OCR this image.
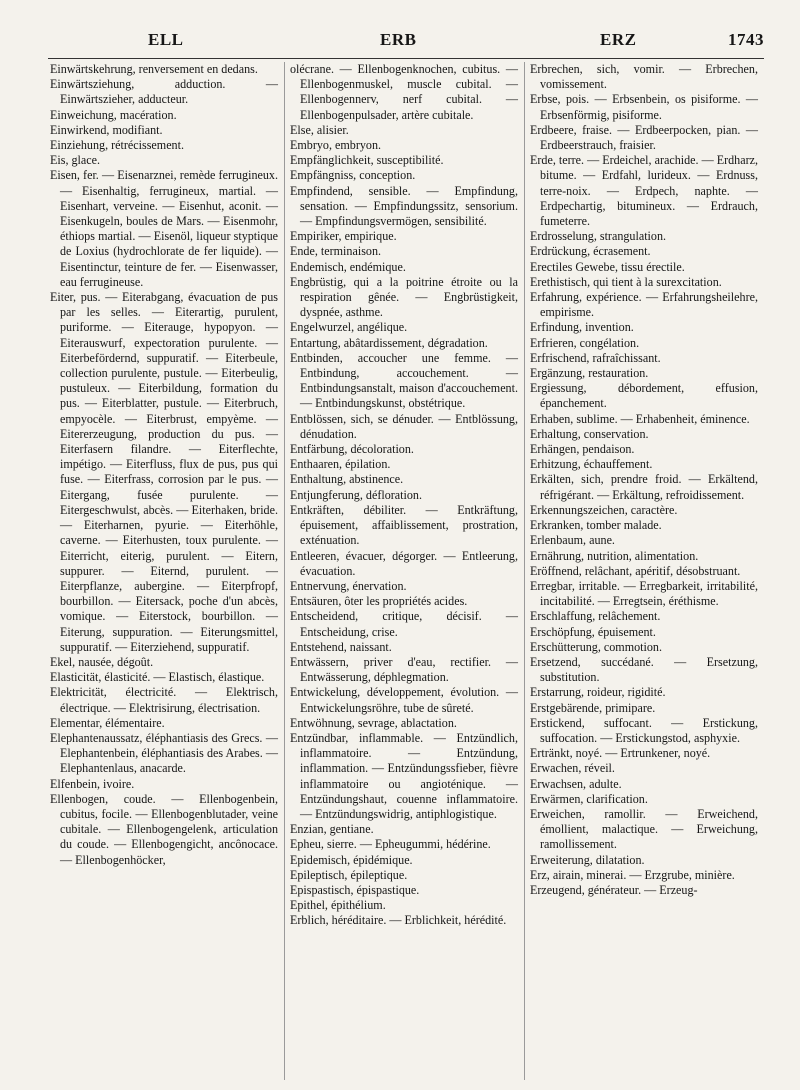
ELL	ERB	ERZ	1743

Einwärtskehrung, renversement en dedans.

Einwärtsziehung, adduction. — Einwärtszieher, adducteur.

Einweichung, macération.

Einwirkend, modifiant.

Einziehung, rétrécissement.

Eis, glace.

Eisen, fer. — Eisenarznei, remède ferrugineux. — Eisenhaltig, ferrugineux, martial. — Eisenhart, verveine. — Eisenhut, aconit. — Eisenkugeln, boules de Mars. — Eisenmohr, éthiops martial. — Eisenöl, liqueur styptique de Loxius (hydrochlorate de fer liquide). — Eisentinctur, teinture de fer. — Eisenwasser, eau ferrugineuse.

Eiter, pus. — Eiterabgang, évacuation de pus par les selles. — Eiterartig, purulent, puriforme. — Eiterauge, hypopyon. — Eiterauswurf, expectoration purulente. — Eiterbefördernd, suppuratif. — Eiterbeule, collection purulente, pustule. — Eiterbeulig, pustuleux. — Eiterbildung, formation du pus. — Eiterblatter, pustule. — Eiterbruch, empyocèle. — Eiterbrust, empyème. — Eitererzeugung, production du pus. — Eiterfasern filandre. — Eiterflechte, impétigo. — Eiterfluss, flux de pus, pus qui fuse. — Eiterfrass, corrosion par le pus. — Eitergang, fusée purulente. — Eitergeschwulst, abcès. — Eiterhaken, bride. — Eiterharnen, pyurie. — Eiterhöhle, caverne. — Eiterhusten, toux purulente. — Eiterricht, eiterig, purulent. — Eitern, suppurer. — Eiternd, purulent. — Eiterpflanze, aubergine. — Eiterpfropf, bourbillon. — Eitersack, poche d'un abcès, vomique. — Eiterstock, bourbillon. — Eiterung, suppuration. — Eiterungsmittel, suppuratif. — Eiterziehend, suppuratif.

Ekel, nausée, dégoût.

Elasticität, élasticité. — Elastisch, élastique.

Elektricität, électricité. — Elektrisch, électrique. — Elektrisirung, électrisation.

Elementar, élémentaire.

Elephantenaussatz, éléphantiasis des Grecs. — Elephantenbein, éléphantiasis des Arabes. — Elephantenlaus, anacarde.

Elfenbein, ivoire.

Ellenbogen, coude. — Ellenbogenbein, cubitus, focile. — Ellenbogenblutader, veine cubitale. — Ellenbogengelenk, articulation du coude. — Ellenbogengicht, ancônocace. — Ellenbogenhöcker,

olécrane. — Ellenbogenknochen, cubitus. — Ellenbogenmuskel, muscle cubital. — Ellenbogennerv, nerf cubital. — Ellenbogenpulsader, artère cubitale.

Else, alisier.

Embryo, embryon.

Empfänglichkeit, susceptibilité.

Empfängniss, conception.

Empfindend, sensible. — Empfindung, sensation. — Empfindungssitz, sensorium. — Empfindungsvermögen, sensibilité.

Empiriker, empirique.

Ende, terminaison.

Endemisch, endémique.

Engbrüstig, qui a la poitrine étroite ou la respiration gênée. — Engbrüstigkeit, dyspnée, asthme.

Engelwurzel, angélique.

Entartung, abâtardissement, dégradation.

Entbinden, accoucher une femme. — Entbindung, accouchement. — Entbindungsanstalt, maison d'accouchement. — Entbindungskunst, obstétrique.

Entblössen, sich, se dénuder. — Entblössung, dénudation.

Entfärbung, décoloration.

Enthaaren, épilation.

Enthaltung, abstinence.

Entjungferung, défloration.

Entkräften, débiliter. — Entkräftung, épuisement, affaiblissement, prostration, exténuation.

Entleeren, évacuer, dégorger. — Entleerung, évacuation.

Entnervung, énervation.

Entsäuren, ôter les propriétés acides.

Entscheidend, critique, décisif. — Entscheidung, crise.

Entstehend, naissant.

Entwässern, priver d'eau, rectifier. — Entwässerung, déphlegmation.

Entwickelung, développement, évolution. — Entwickelungsröhre, tube de sûreté.

Entwöhnung, sevrage, ablactation.

Entzündbar, inflammable. — Entzündlich, inflammatoire. — Entzündung, inflammation. — Entzündungssfieber, fièvre inflammatoire ou angioténique. — Entzündungshaut, couenne inflammatoire. — Entzündungswidrig, antiphlogistique.

Enzian, gentiane.

Epheu, sierre. — Epheugummi, hédérine.

Epidemisch, épidémique.

Epileptisch, épileptique.

Epispastisch, épispastique.

Epithel, épithélium.

Erblich, héréditaire. — Erblichkeit, hérédité.

Erbrechen, sich, vomir. — Erbrechen, vomissement.

Erbse, pois. — Erbsenbein, os pisiforme. — Erbsenförmig, pisiforme.

Erdbeere, fraise. — Erdbeerpocken, pian. — Erdbeerstrauch, fraisier.

Erde, terre. — Erdeichel, arachide. — Erdharz, bitume. — Erdfahl, lurideux. — Erdnuss, terre-noix. — Erdpech, naphte. — Erdpechartig, bitumineux. — Erdrauch, fumeterre.

Erdrosselung, strangulation.

Erdrückung, écrasement.

Erectiles Gewebe, tissu érectile.

Erethistisch, qui tient à la surexcitation.

Erfahrung, expérience. — Erfahrungsheilehre, empirisme.

Erfindung, invention.

Erfrieren, congélation.

Erfrischend, rafraîchissant.

Ergänzung, restauration.

Ergiessung, débordement, effusion, épanchement.

Erhaben, sublime. — Erhabenheit, éminence.

Erhaltung, conservation.

Erhängen, pendaison.

Erhitzung, échauffement.

Erkälten, sich, prendre froid. — Erkältend, réfrigérant. — Erkältung, refroidissement.

Erkennungszeichen, caractère.

Erkranken, tomber malade.

Erlenbaum, aune.

Ernährung, nutrition, alimentation.

Eröffnend, relâchant, apéritif, désobstruant.

Erregbar, irritable. — Erregbarkeit, irritabilité, incitabilité. — Erregtsein, éréthisme.

Erschlaffung, relâchement.

Erschöpfung, épuisement.

Erschütterung, commotion.

Ersetzend, succédané. — Ersetzung, substitution.

Erstarrung, roideur, rigidité.

Erstgebärende, primipare.

Erstickend, suffocant. — Erstickung, suffocation. — Erstickungstod, asphyxie.

Ertränkt, noyé. — Ertrunkener, noyé.

Erwachen, réveil.

Erwachsen, adulte.

Erwärmen, clarification.

Erweichen, ramollir. — Erweichend, émollient, malactique. — Erweichung, ramollissement.

Erweiterung, dilatation.

Erz, airain, minerai. — Erzgrube, minière.

Erzeugend, générateur. — Erzeug-
